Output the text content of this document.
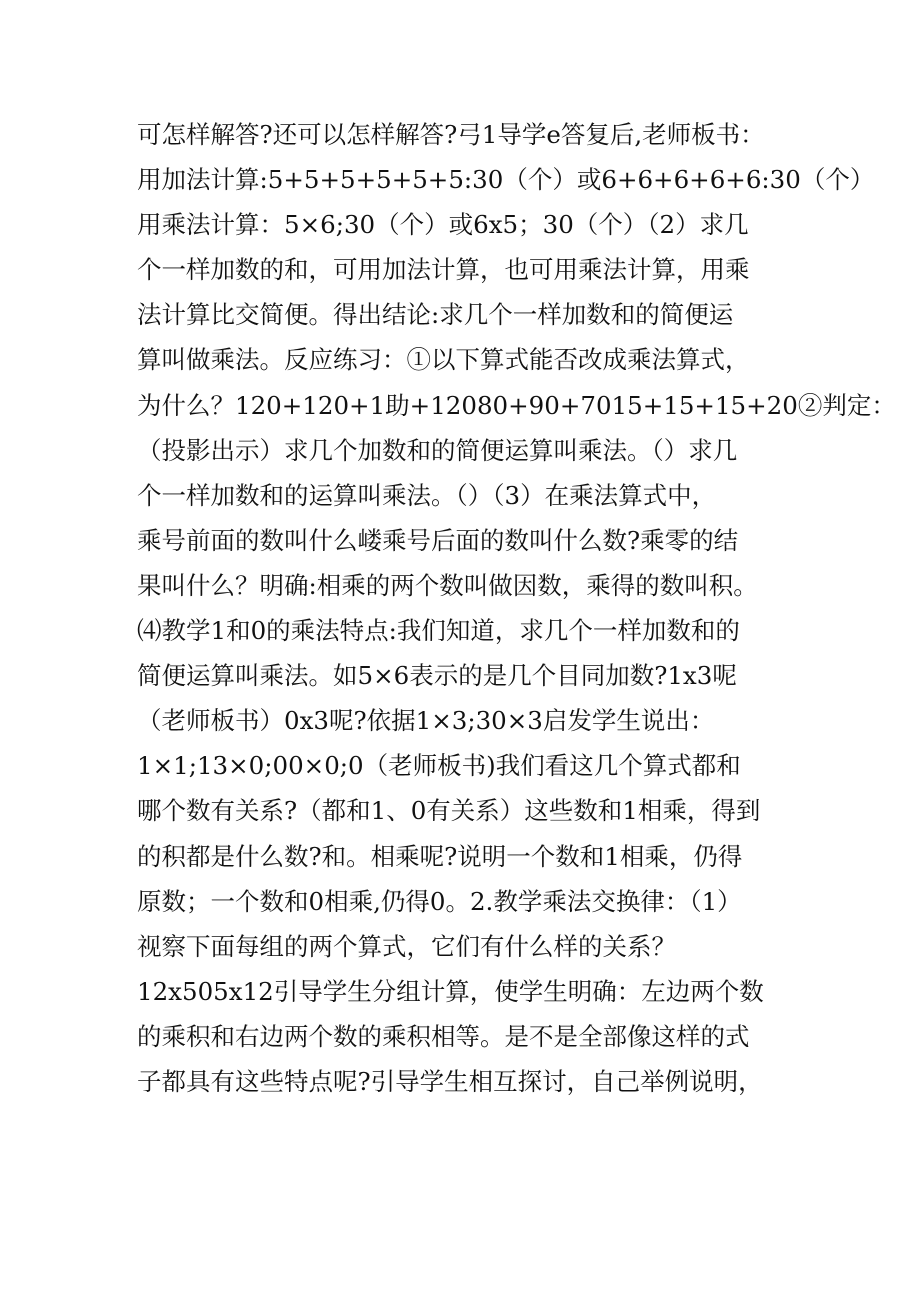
可怎样解答?还可以怎样解答?弓1导学e答复后,老师板书：
用加法计算:5+5+5+5+5+5:30（个）或6+6+6+6+6:30（个）
用乘法计算：5×6;30（个）或6x5；30（个）（2）求几
个一样加数的和，可用加法计算，也可用乘法计算，用乘
法计算比交简便。得出结论:求几个一样加数和的简便运
算叫做乘法。反应练习：①以下算式能否改成乘法算式，
为什么？120+120+1助+12080+90+7015+15+15+20②判定：
（投影出示）求几个加数和的简便运算叫乘法。（）求几
个一样加数和的运算叫乘法。（）（3）在乘法算式中，
乘号前面的数叫什么嵝乘号后面的数叫什么数?乘零的结
果叫什么？明确:相乘的两个数叫做因数，乘得的数叫积。
⑷教学1和0的乘法特点:我们知道，求几个一样加数和的
简便运算叫乘法。如5×6表示的是几个目同加数?1x3呢
（老师板书）0x3呢?依据1×3;30×3启发学生说出：
1×1;13×0;00×0;0（老师板书)我们看这几个算式都和
哪个数有关系?（都和1、0有关系）这些数和1相乘，得到
的积都是什么数?和。相乘呢?说明一个数和1相乘，仍得
原数；一个数和0相乘,仍得0。2.教学乘法交换律：（1）
视察下面每组的两个算式，它们有什么样的关系？
12x505x12引导学生分组计算，使学生明确：左边两个数
的乘积和右边两个数的乘积相等。是不是全部像这样的式
子都具有这些特点呢?引导学生相互探讨，自己举例说明，
